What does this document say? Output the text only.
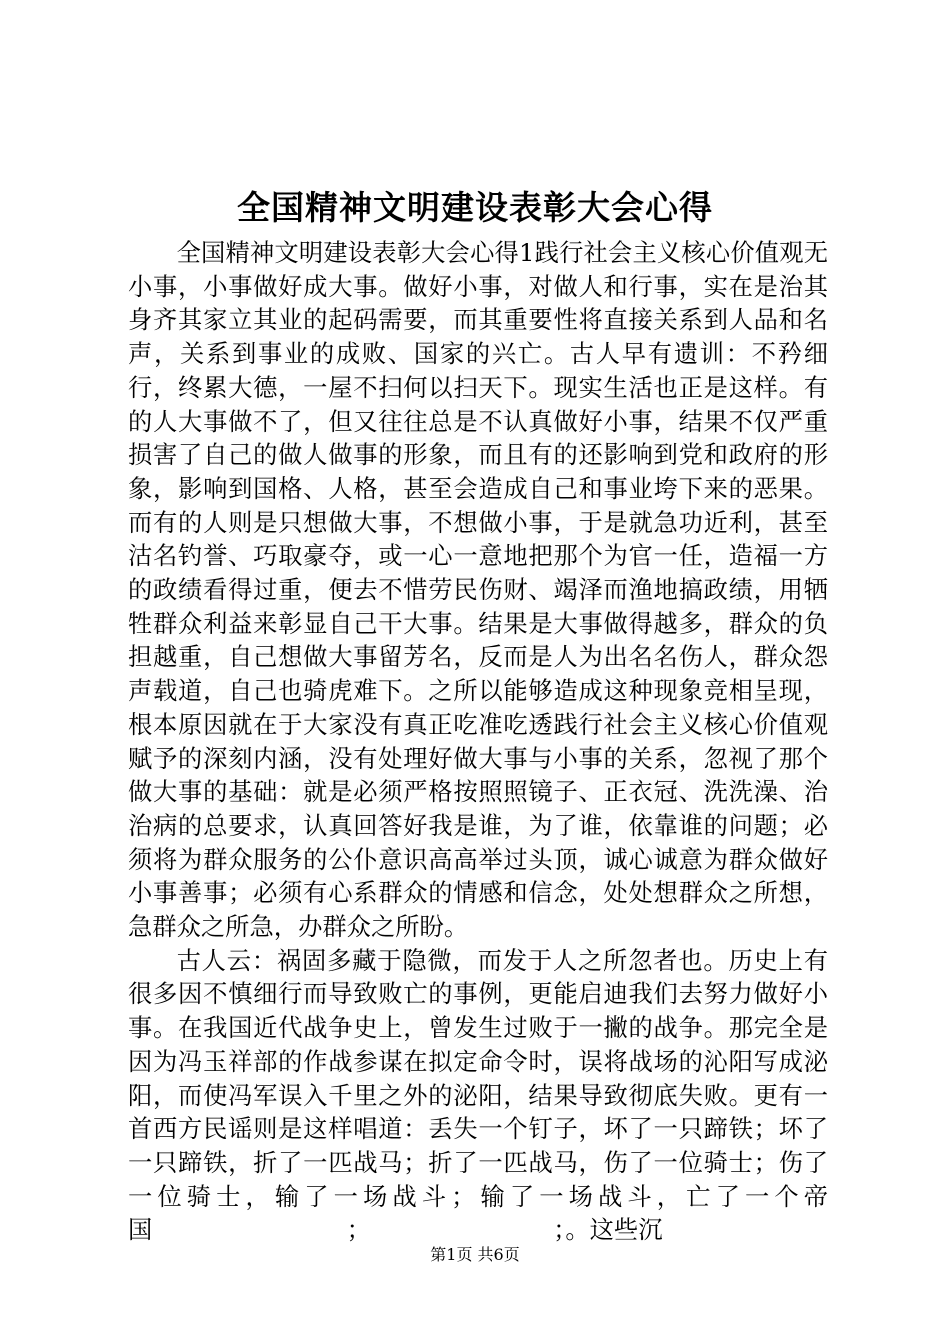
全国精神文明建设表彰大会心得

全国精神文明建设表彰大会心得1践行社会主义核心价值观无小事，小事做好成大事。做好小事，对做人和行事，实在是治其身齐其家立其业的起码需要，而其重要性将直接关系到人品和名声，关系到事业的成败、国家的兴亡。古人早有遗训：不矜细行，终累大德，一屋不扫何以扫天下。现实生活也正是这样。有的人大事做不了，但又往往总是不认真做好小事，结果不仅严重损害了自己的做人做事的形象，而且有的还影响到党和政府的形象，影响到国格、人格，甚至会造成自己和事业垮下来的恶果。而有的人则是只想做大事，不想做小事，于是就急功近利，甚至沽名钓誉、巧取豪夺，或一心一意地把那个为官一任，造福一方的政绩看得过重，便去不惜劳民伤财、竭泽而渔地搞政绩，用牺牲群众利益来彰显自己干大事。结果是大事做得越多，群众的负担越重，自己想做大事留芳名，反而是人为出名名伤人，群众怨声载道，自己也骑虎难下。之所以能够造成这种现象竞相呈现，根本原因就在于大家没有真正吃准吃透践行社会主义核心价值观赋予的深刻内涵，没有处理好做大事与小事的关系，忽视了那个做大事的基础：就是必须严格按照照镜子、正衣冠、洗洗澡、治治病的总要求，认真回答好我是谁，为了谁，依靠谁的问题；必须将为群众服务的公仆意识高高举过头顶，诚心诚意为群众做好小事善事；必须有心系群众的情感和信念，处处想群众之所想，急群众之所急，办群众之所盼。

古人云：祸固多藏于隐微，而发于人之所忽者也。历史上有很多因不慎细行而导致败亡的事例，更能启迪我们去努力做好小事。在我国近代战争史上，曾发生过败于一撇的战争。那完全是因为冯玉祥部的作战参谋在拟定命令时，误将战场的沁阳写成泌阳，而使冯军误入千里之外的泌阳，结果导致彻底失败。更有一首西方民谣则是这样唱道：丢失一个钉子，坏了一只蹄铁；坏了一只蹄铁，折了一匹战马；折了一匹战马，伤了一位骑士；伤了一位骑士，输了一场战斗；输了一场战斗，亡了一个帝国　　　　　　　　；　　　　　　　　；。这些沉

第1页 共6页
